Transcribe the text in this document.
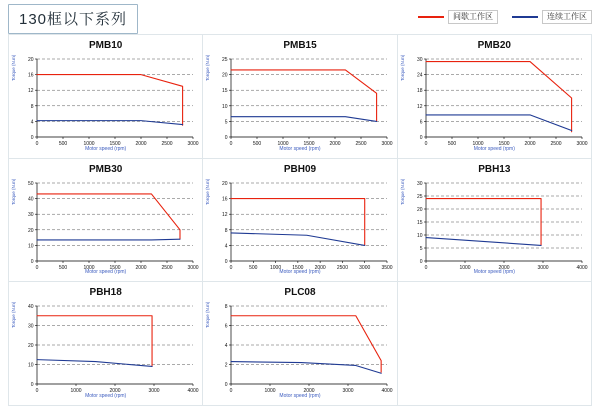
130框以下系列	间歇工作区	连续工作区
PMB10
Torque (N.m)
Motor speed (rpm)
0
4
8
12
16
20
0	500	1000	1500	2000	2500	3000
PMB15
Torque (N.m)
Motor speed (rpm)
0
5
10
15
20
25
0	500	1000	1500	2000	2500	3000
PMB20
Torque (N.m)
Motor speed (rpm)
0
6
12
18
24
30
0	500	1000	1500	2000	2500	3000
PMB30
Torque (N.m)
Motor speed (rpm)
0
10
20
30
40
50
0	500	1000	1500	2000	2500	3000
PBH09
Torque (N.m)
Motor speed (rpm)
0
4
8
12
16
20
0	500	1000 1500 2000 2500 3000 3500
PBH13
Torque (N.m)
Motor speed (rpm)
0
5
10
15
20
25
30
0	1000	2000	3000	4000
PBH18
Torque (N.m)
Motor speed (rpm)
0
10
20
30
40
0	1000	2000	3000	4000
PLC08
Torque (N.m)
Motor speed (rpm)
0
2
4
6
8
0	1000	2000	3000	4000
